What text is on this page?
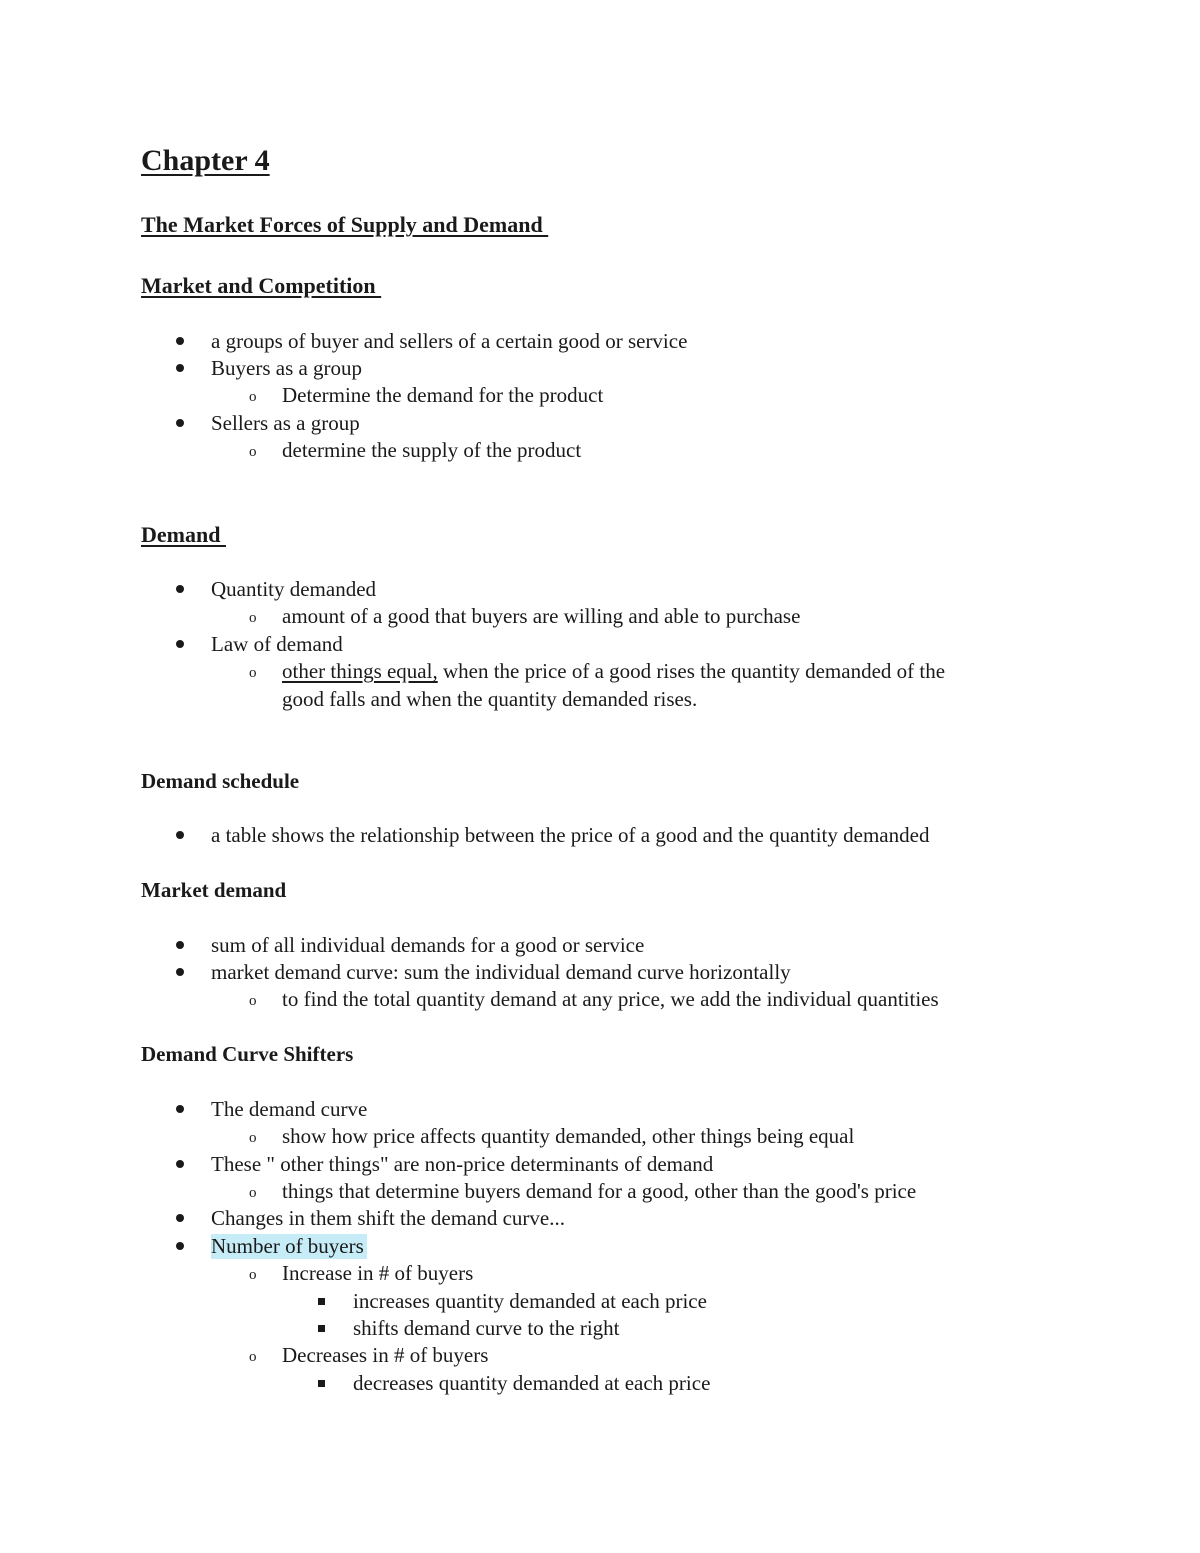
Chapter 4
The Market Forces of Supply and Demand
Market and Competition
a groups of buyer and sellers of a certain good or service
Buyers as a group
o Determine the demand for the product
Sellers as a group
o determine the supply of the product
Demand
Quantity demanded
o amount of a good that buyers are willing and able to purchase
Law of demand
o other things equal, when the price of a good rises the quantity demanded of the
good falls and when the quantity demanded rises.
Demand schedule
a table shows the relationship between the price of a good and the quantity demanded
Market demand
sum of all individual demands for a good or service
market demand curve: sum the individual demand curve horizontally
o to find the total quantity demand at any price, we add the individual quantities
Demand Curve Shifters
The demand curve
o show how price affects quantity demanded, other things being equal
These " other things" are non-price determinants of demand
o things that determine buyers demand for a good, other than the good's price
Changes in them shift the demand curve...
Number of buyers
o Increase in # of buyers
increases quantity demanded at each price
shifts demand curve to the right
o Decreases in # of buyers
decreases quantity demanded at each price
